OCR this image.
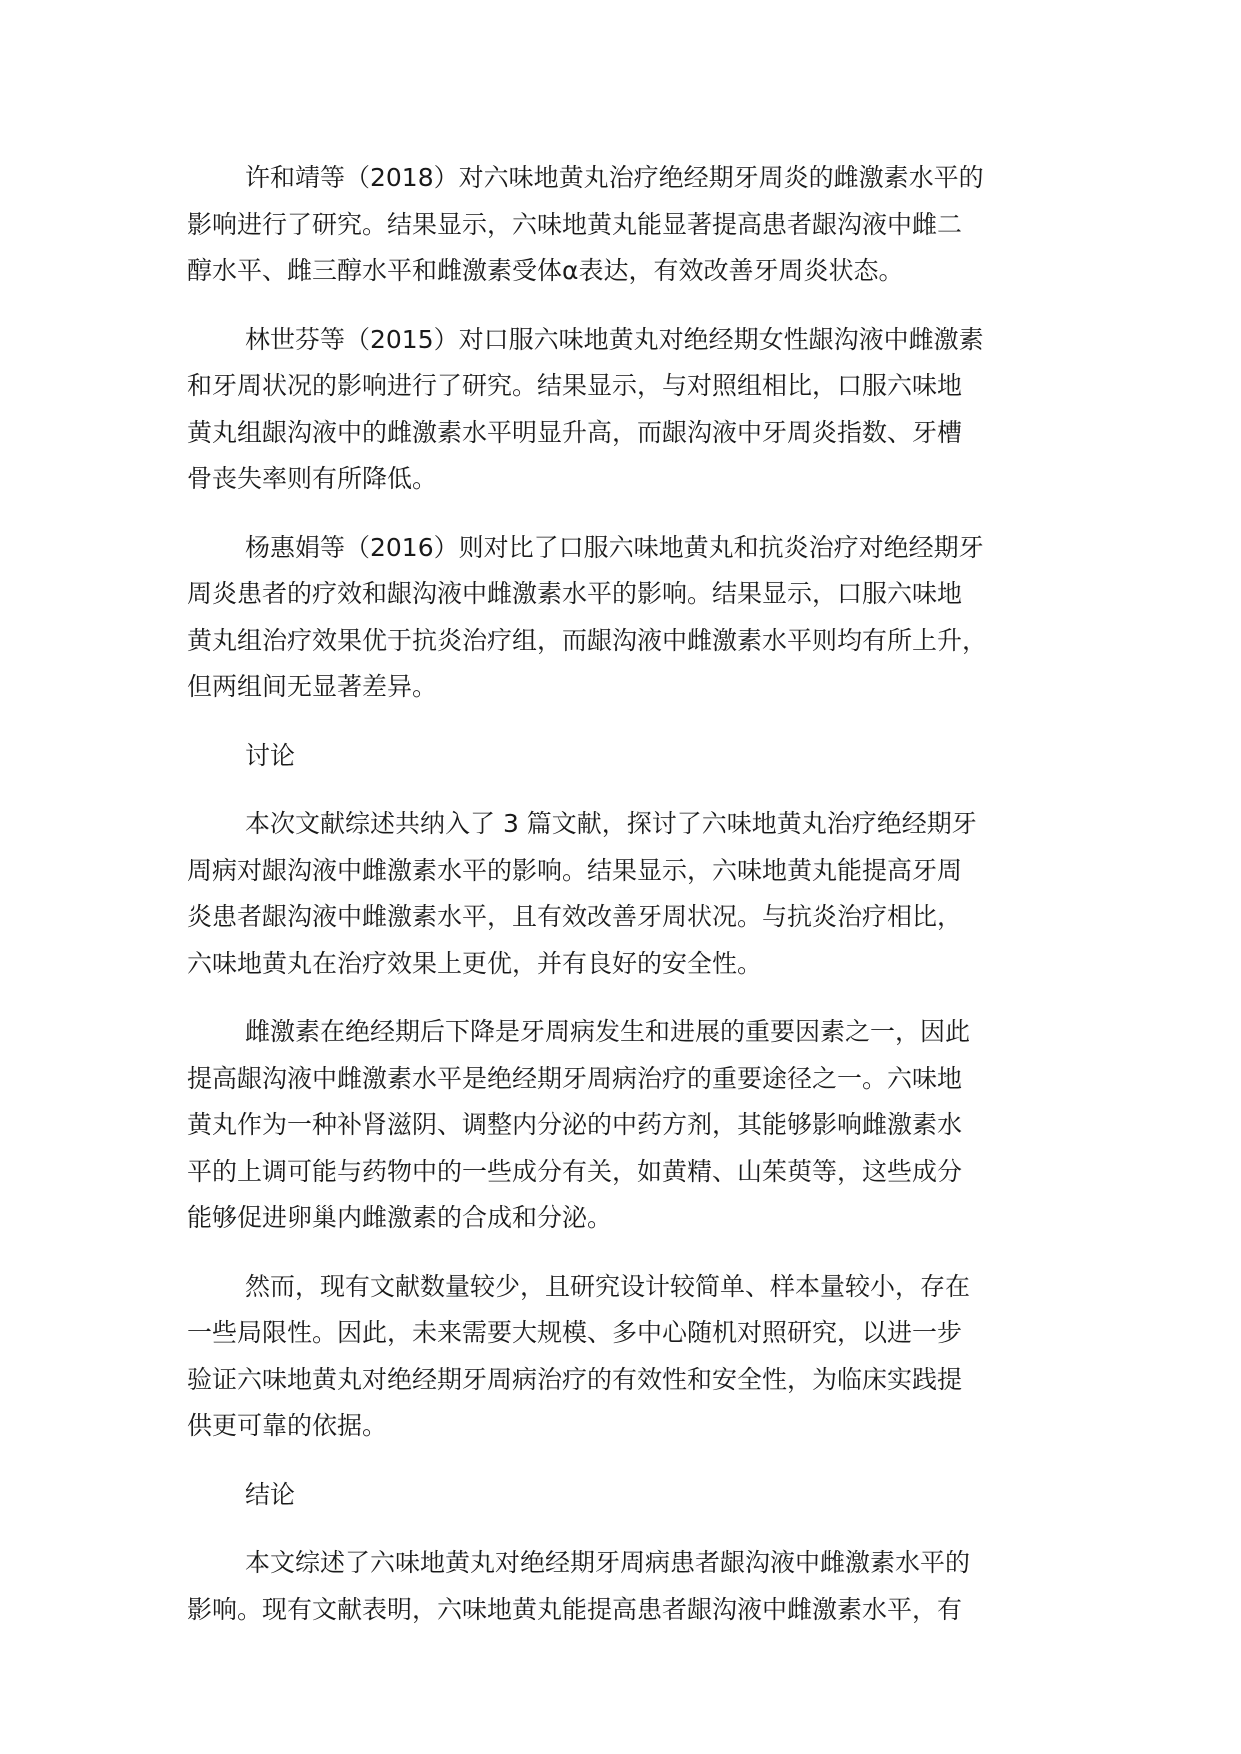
许和靖等（2018）对六味地黄丸治疗绝经期牙周炎的雌激素水平的
影响进行了研究。结果显示，六味地黄丸能显著提高患者龈沟液中雌二
醇水平、雌三醇水平和雌激素受体α表达，有效改善牙周炎状态。

林世芬等（2015）对口服六味地黄丸对绝经期女性龈沟液中雌激素
和牙周状况的影响进行了研究。结果显示，与对照组相比，口服六味地
黄丸组龈沟液中的雌激素水平明显升高，而龈沟液中牙周炎指数、牙槽
骨丧失率则有所降低。

杨惠娟等（2016）则对比了口服六味地黄丸和抗炎治疗对绝经期牙
周炎患者的疗效和龈沟液中雌激素水平的影响。结果显示，口服六味地
黄丸组治疗效果优于抗炎治疗组，而龈沟液中雌激素水平则均有所上升，
但两组间无显著差异。

讨论

本次文献综述共纳入了 3 篇文献，探讨了六味地黄丸治疗绝经期牙
周病对龈沟液中雌激素水平的影响。结果显示，六味地黄丸能提高牙周
炎患者龈沟液中雌激素水平，且有效改善牙周状况。与抗炎治疗相比，
六味地黄丸在治疗效果上更优，并有良好的安全性。

雌激素在绝经期后下降是牙周病发生和进展的重要因素之一，因此
提高龈沟液中雌激素水平是绝经期牙周病治疗的重要途径之一。六味地
黄丸作为一种补肾滋阴、调整内分泌的中药方剂，其能够影响雌激素水
平的上调可能与药物中的一些成分有关，如黄精、山茱萸等，这些成分
能够促进卵巢内雌激素的合成和分泌。

然而，现有文献数量较少，且研究设计较简单、样本量较小，存在
一些局限性。因此，未来需要大规模、多中心随机对照研究，以进一步
验证六味地黄丸对绝经期牙周病治疗的有效性和安全性，为临床实践提
供更可靠的依据。

结论

本文综述了六味地黄丸对绝经期牙周病患者龈沟液中雌激素水平的
影响。现有文献表明，六味地黄丸能提高患者龈沟液中雌激素水平，有
